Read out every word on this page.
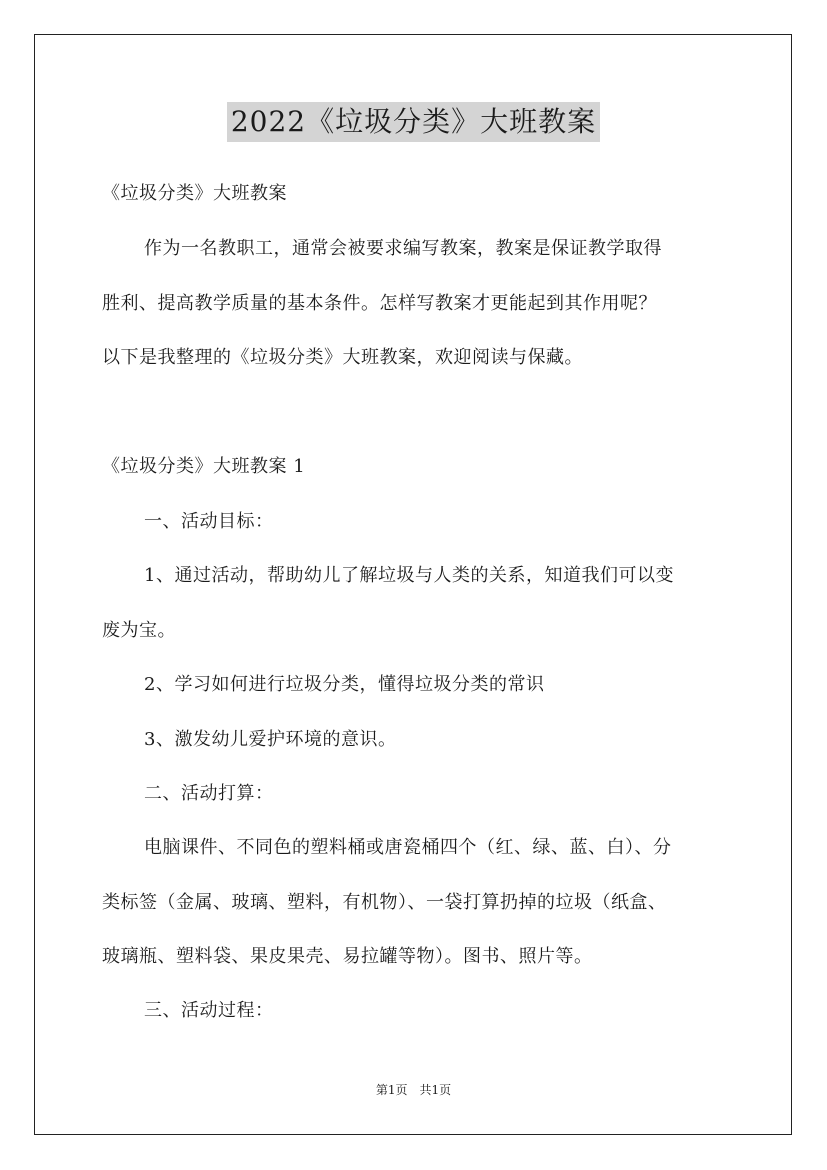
2022《垃圾分类》大班教案
《垃圾分类》大班教案
作为一名教职工，通常会被要求编写教案，教案是保证教学取得
胜利、提高教学质量的基本条件。怎样写教案才更能起到其作用呢？
以下是我整理的《垃圾分类》大班教案，欢迎阅读与保藏。
《垃圾分类》大班教案 1
一、活动目标：
1、通过活动，帮助幼儿了解垃圾与人类的关系，知道我们可以变
废为宝。
2、学习如何进行垃圾分类，懂得垃圾分类的常识
3、激发幼儿爱护环境的意识。
二、活动打算：
电脑课件、不同色的塑料桶或唐瓷桶四个（红、绿、蓝、白）、分
类标签（金属、玻璃、塑料，有机物）、一袋打算扔掉的垃圾（纸盒、
玻璃瓶、塑料袋、果皮果壳、易拉罐等物）。图书、照片等。
三、活动过程：
第1页　共1页
